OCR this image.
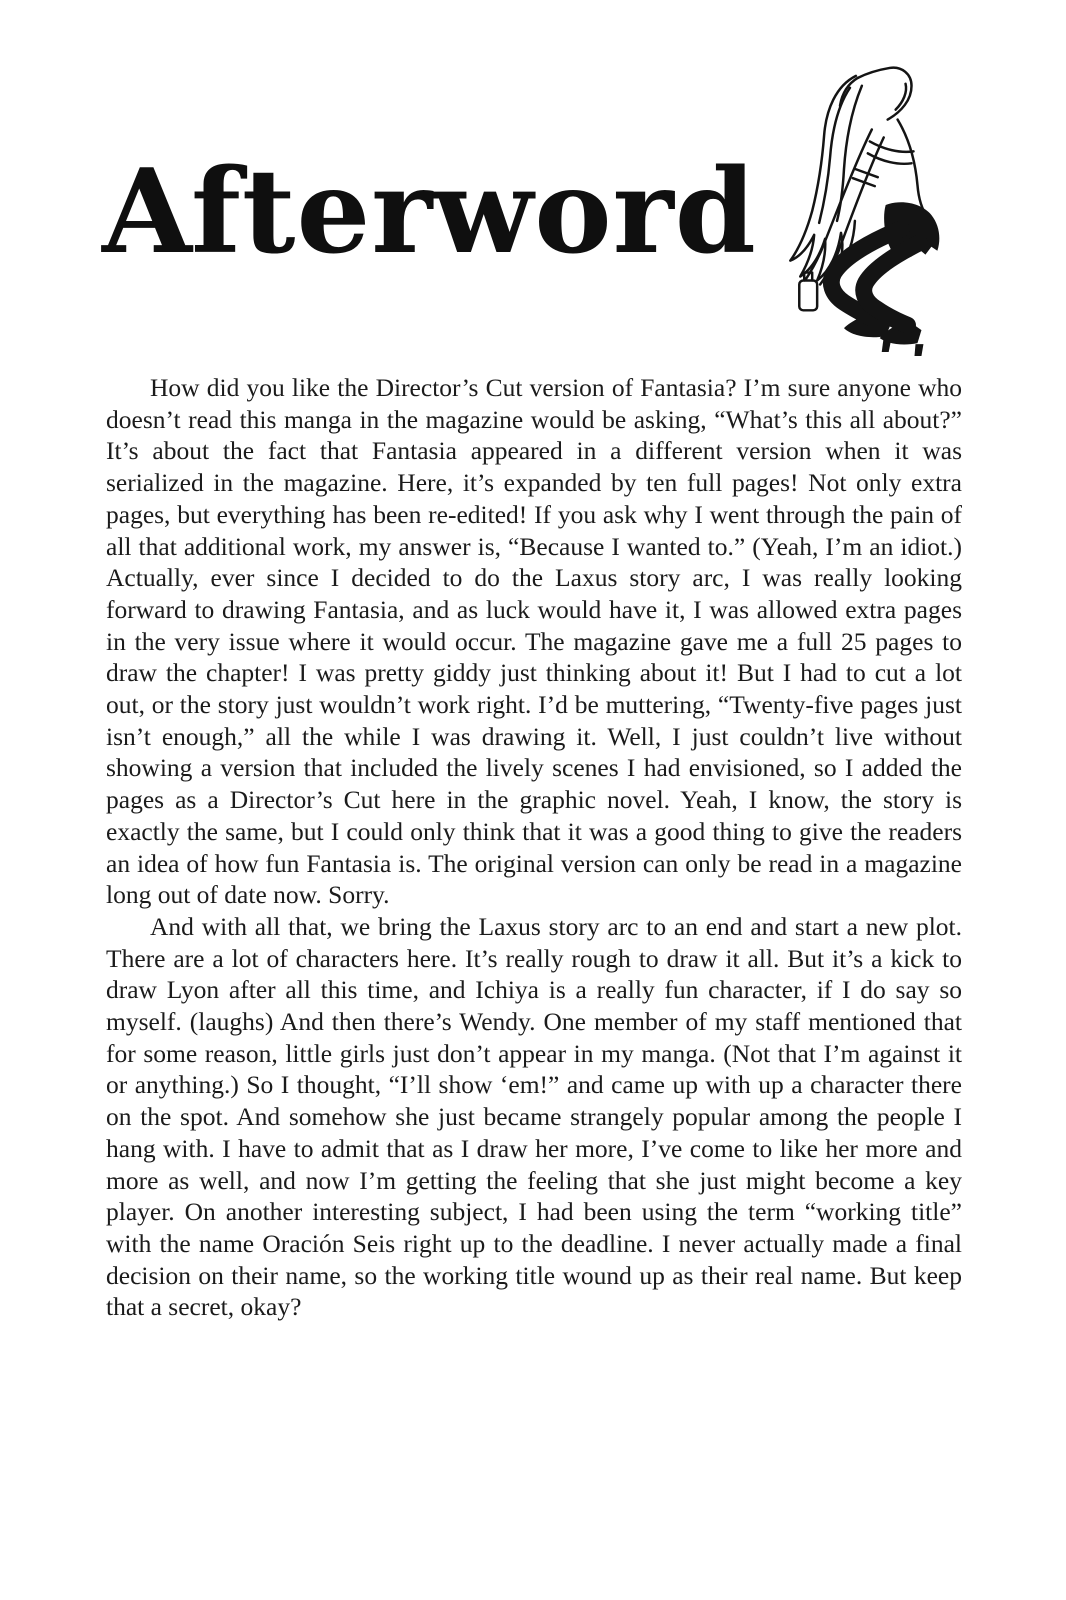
Afterword

How did you like the Director’s Cut version of Fantasia? I’m sure anyone who doesn’t read this manga in the magazine would be asking, “What’s this all about?” It’s about the fact that Fantasia appeared in a different version when it was serialized in the magazine. Here, it’s expanded by ten full pages! Not only extra pages, but everything has been re-edited! If you ask why I went through the pain of all that additional work, my answer is, “Because I wanted to.” (Yeah, I’m an idiot.) Actually, ever since I decided to do the Laxus story arc, I was really looking forward to drawing Fantasia, and as luck would have it, I was allowed extra pages in the very issue where it would occur. The magazine gave me a full 25 pages to draw the chapter! I was pretty giddy just thinking about it! But I had to cut a lot out, or the story just wouldn’t work right. I’d be muttering, “Twenty-five pages just isn’t enough,” all the while I was drawing it. Well, I just couldn’t live without showing a version that included the lively scenes I had envisioned, so I added the pages as a Director’s Cut here in the graphic novel. Yeah, I know, the story is exactly the same, but I could only think that it was a good thing to give the readers an idea of how fun Fantasia is. The original version can only be read in a magazine long out of date now. Sorry.

And with all that, we bring the Laxus story arc to an end and start a new plot. There are a lot of characters here. It’s really rough to draw it all. But it’s a kick to draw Lyon after all this time, and Ichiya is a really fun character, if I do say so myself. (laughs) And then there’s Wendy. One member of my staff mentioned that for some reason, little girls just don’t appear in my manga. (Not that I’m against it or anything.) So I thought, “I’ll show ‘em!” and came up with up a character there on the spot. And somehow she just became strangely popular among the people I hang with. I have to admit that as I draw her more, I’ve come to like her more and more as well, and now I’m getting the feeling that she just might become a key player. On another interesting subject, I had been using the term “working title” with the name Oración Seis right up to the deadline. I never actually made a final decision on their name, so the working title wound up as their real name. But keep that a secret, okay?
